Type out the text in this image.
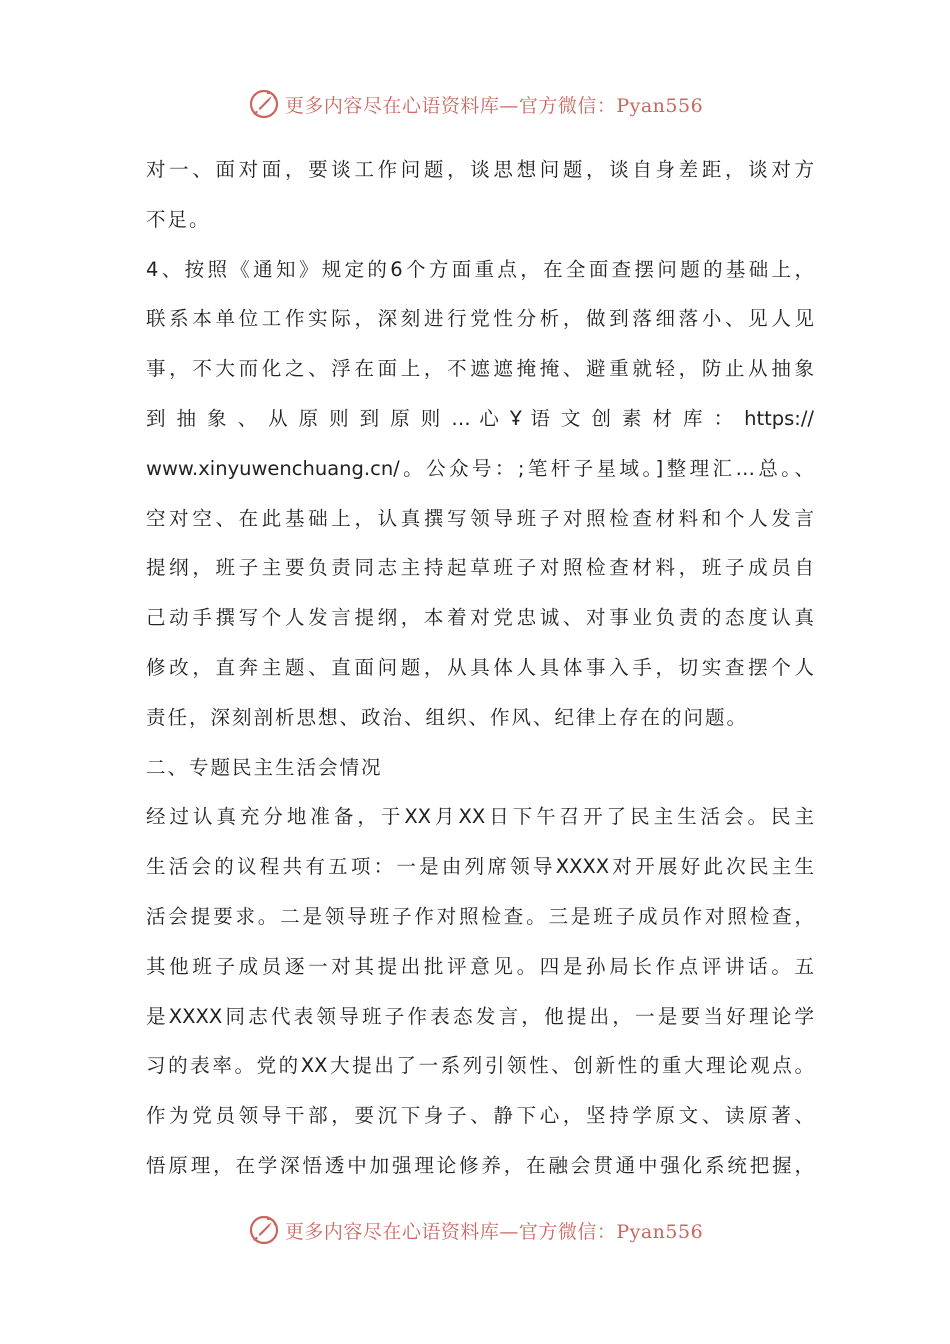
更多内容尽在心语资料库—官方微信：Pyan556
对一、面对面，要谈工作问题，谈思想问题，谈自身差距，谈对方
不足。
4、按照《通知》规定的6个方面重点，在全面查摆问题的基础上，
联系本单位工作实际，深刻进行党性分析，做到落细落小、见人见
事，不大而化之、浮在面上，不遮遮掩掩、避重就轻，防止从抽象
到 抽 象 、 从 原 则 到 原 则 … 心 Ұ 语 文 创 素 材 库 ： https://
www.xinyuwenchuang.cn/。公众号：;笔杆子星域。]整理汇…总。、
空对空、在此基础上，认真撰写领导班子对照检查材料和个人发言
提纲，班子主要负责同志主持起草班子对照检查材料，班子成员自
己动手撰写个人发言提纲，本着对党忠诚、对事业负责的态度认真
修改，直奔主题、直面问题，从具体人具体事入手，切实查摆个人
责任，深刻剖析思想、政治、组织、作风、纪律上存在的问题。
二、专题民主生活会情况
经过认真充分地准备，于XX月XX日下午召开了民主生活会。民主
生活会的议程共有五项：一是由列席领导XXXX对开展好此次民主生
活会提要求。二是领导班子作对照检查。三是班子成员作对照检查，
其他班子成员逐一对其提出批评意见。四是孙局长作点评讲话。五
是XXXX同志代表领导班子作表态发言，他提出，一是要当好理论学
习的表率。党的XX大提出了一系列引领性、创新性的重大理论观点。
作为党员领导干部，要沉下身子、静下心，坚持学原文、读原著、
悟原理，在学深悟透中加强理论修养，在融会贯通中强化系统把握，
更多内容尽在心语资料库—官方微信：Pyan556
